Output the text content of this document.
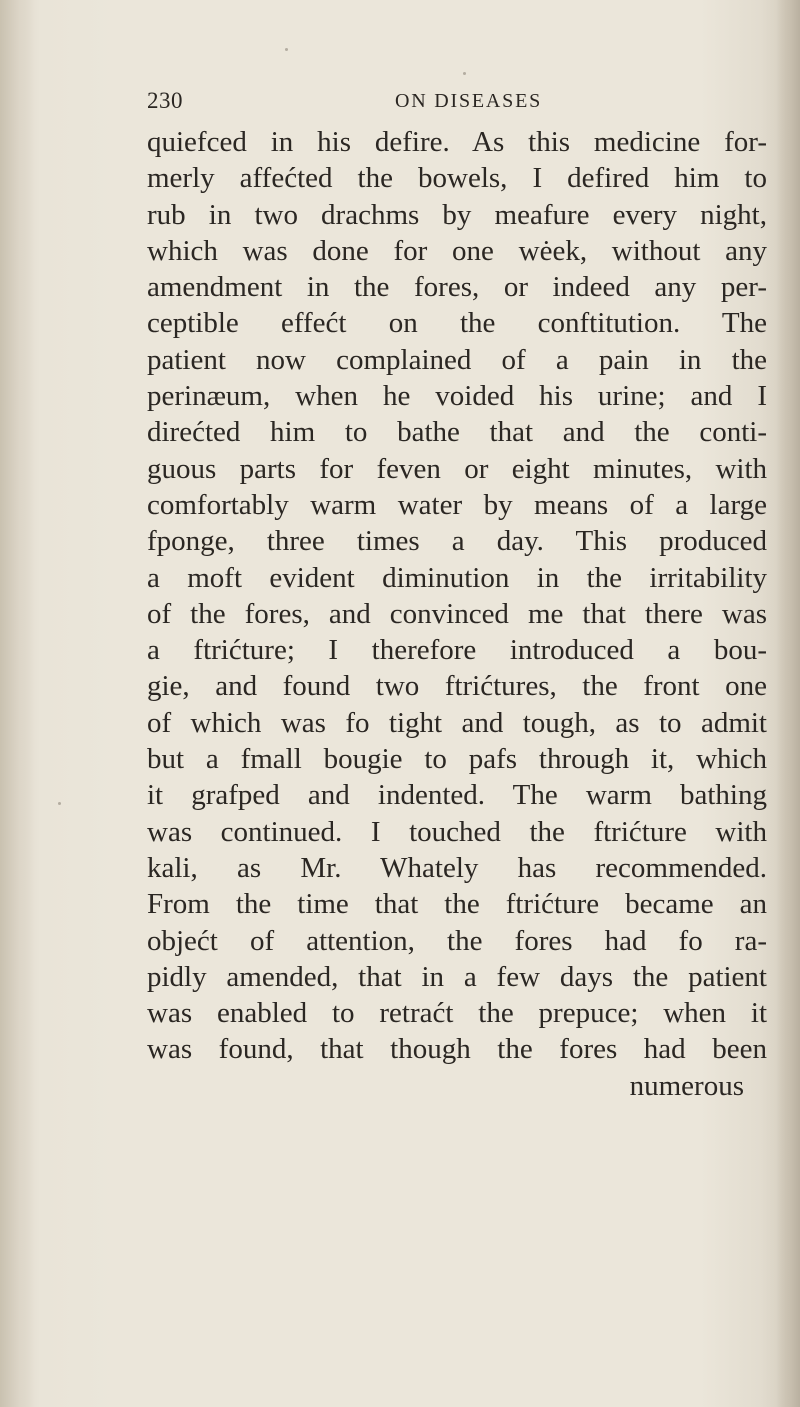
230	ON DISEASES
quiefced in his defire. As this medicine for-
merly affećted the bowels, I defired him to
rub in two drachms by meafure every night,
which was done for one wėek, without any
amendment in the fores, or indeed any per-
ceptible effećt on the conftitution. The
patient now complained of a pain in the
perinæum, when he voided his urine; and I
direćted him to bathe that and the conti-
guous parts for feven or eight minutes, with
comfortably warm water by means of a large
fponge, three times a day. This produced
a moft evident diminution in the irritability
of the fores, and convinced me that there was
a ftrićture; I therefore introduced a bou-
gie, and found two ftrićtures, the front one
of which was fo tight and tough, as to admit
but a fmall bougie to pafs through it, which
it grafped and indented. The warm bathing
was continued. I touched the ftrićture with
kali, as Mr. Whately has recommended.
From the time that the ftrićture became an
objećt of attention, the fores had fo ra-
pidly amended, that in a few days the patient
was enabled to retraćt the prepuce; when it
was found, that though the fores had been
numerous
